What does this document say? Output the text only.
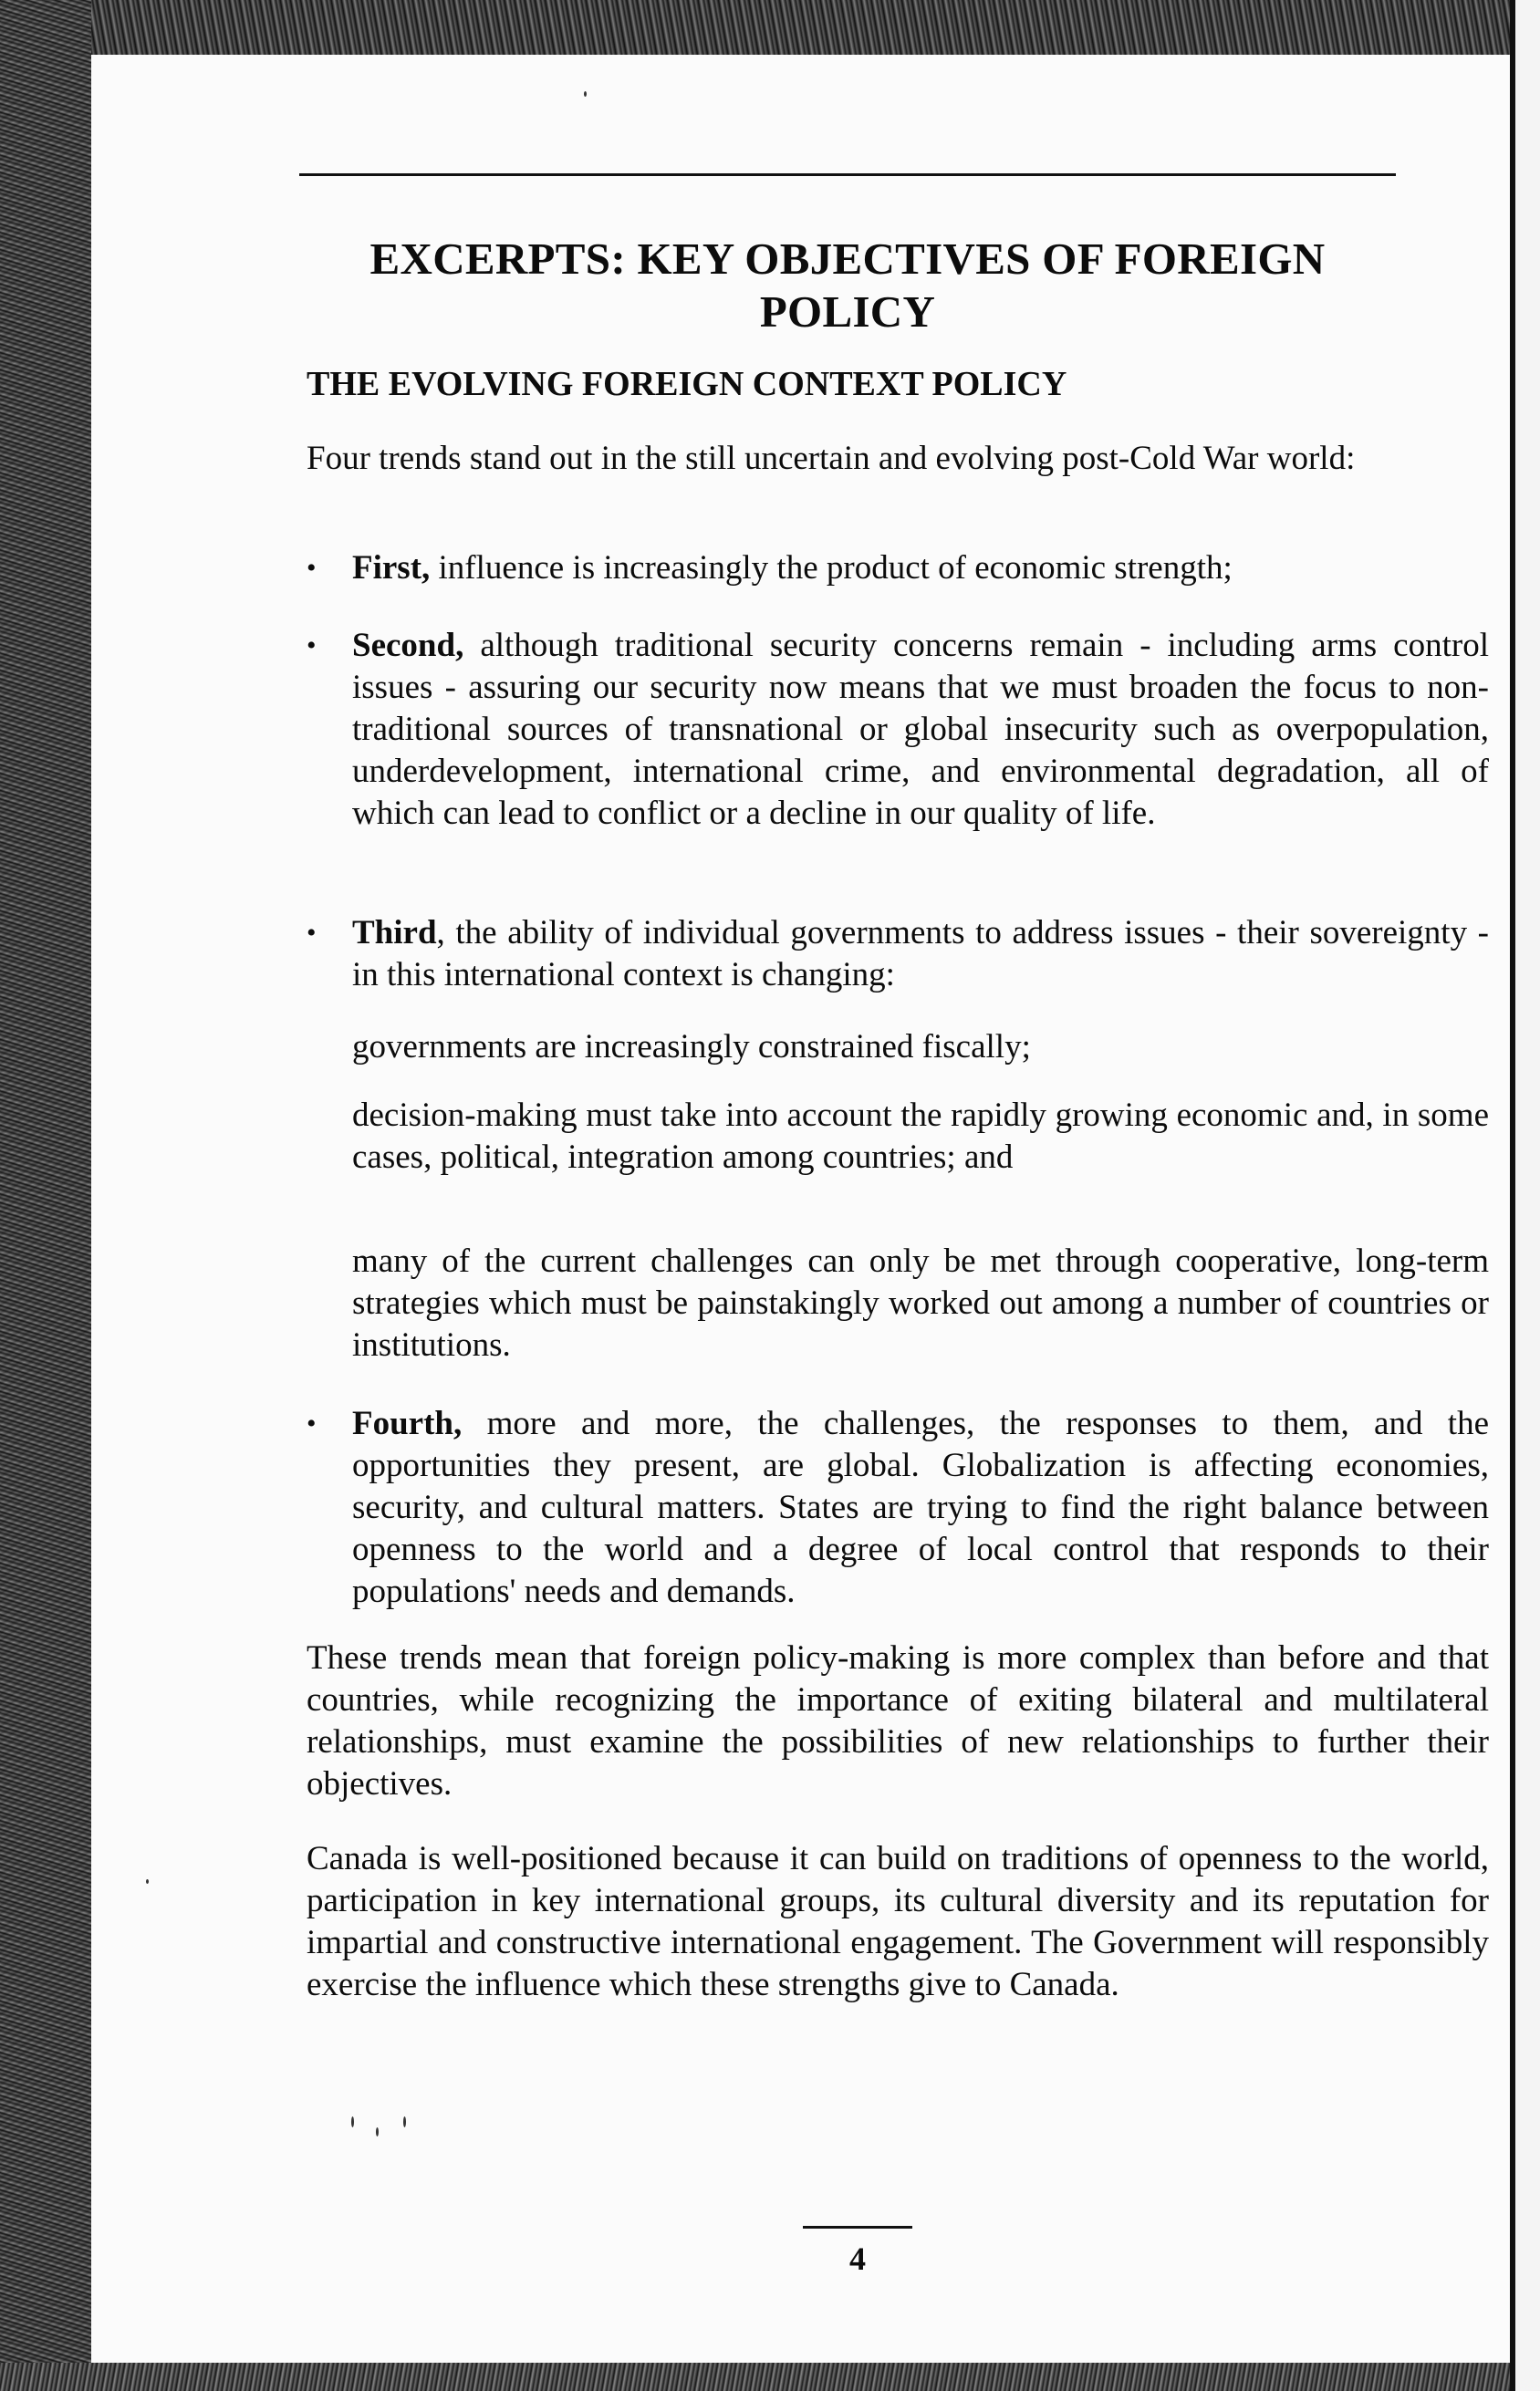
EXCERPTS: KEY OBJECTIVES OF FOREIGN POLICY
THE EVOLVING FOREIGN CONTEXT POLICY

Four trends stand out in the still uncertain and evolving post-Cold War world:

•	First, influence is increasingly the product of economic strength;

•	Second, although traditional security concerns remain - including arms control issues - assuring our security now means that we must broaden the focus to non-traditional sources of transnational or global insecurity such as overpopulation, underdevelopment, international crime, and environmental degradation, all of which can lead to conflict or a decline in our quality of life.

•	Third, the ability of individual governments to address issues - their sovereignty - in this international context is changing:

governments are increasingly constrained fiscally;

decision-making must take into account the rapidly growing economic and, in some cases, political, integration among countries; and

many of the current challenges can only be met through cooperative, long-term strategies which must be painstakingly worked out among a number of countries or institutions.

•	Fourth, more and more, the challenges, the responses to them, and the opportunities they present, are global. Globalization is affecting economies, security, and cultural matters. States are trying to find the right balance between openness to the world and a degree of local control that responds to their populations' needs and demands.

These trends mean that foreign policy-making is more complex than before and that countries, while recognizing the importance of exiting bilateral and multilateral relationships, must examine the possibilities of new relationships to further their objectives.

Canada is well-positioned because it can build on traditions of openness to the world, participation in key international groups, its cultural diversity and its reputation for impartial and constructive international engagement. The Government will responsibly exercise the influence which these strengths give to Canada.

4
